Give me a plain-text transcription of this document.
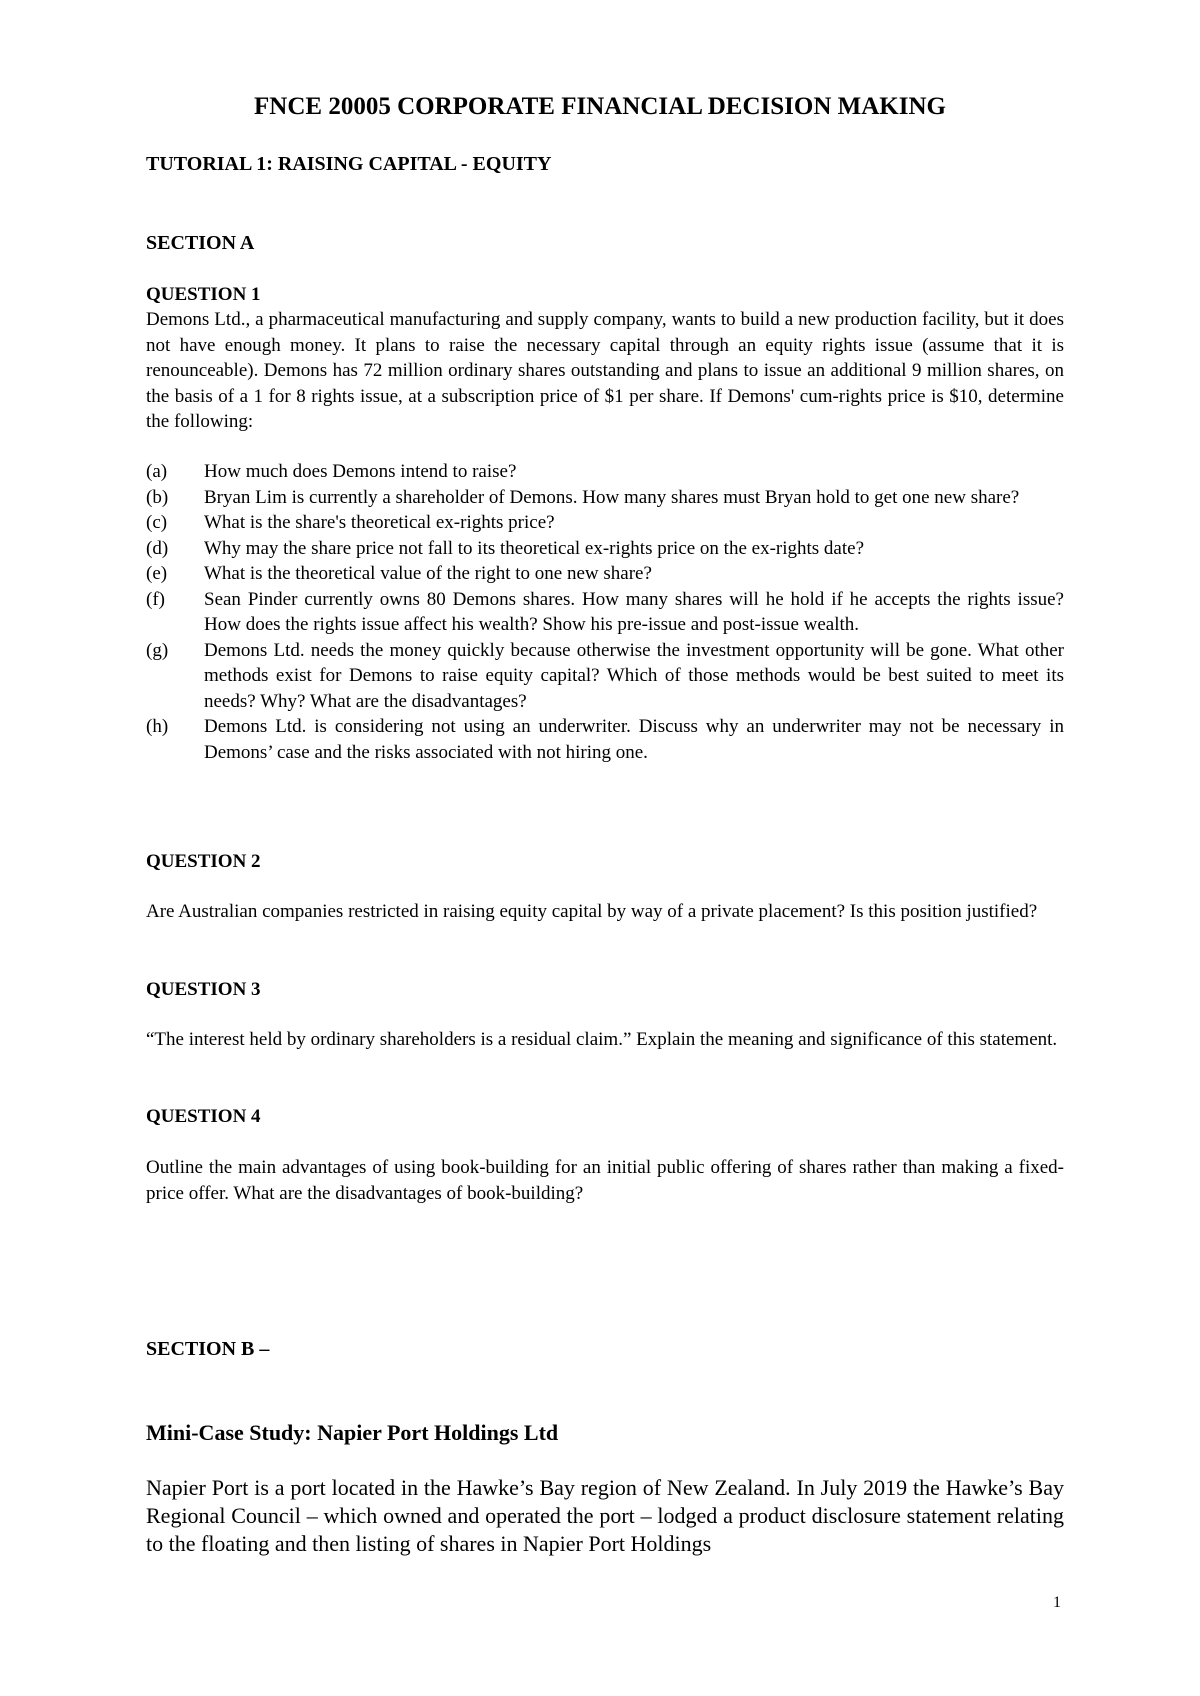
FNCE 20005 CORPORATE FINANCIAL DECISION MAKING
TUTORIAL 1: RAISING CAPITAL - EQUITY
SECTION A
QUESTION 1

Demons Ltd., a pharmaceutical manufacturing and supply company, wants to build a new production facility, but it does not have enough money. It plans to raise the necessary capital through an equity rights issue (assume that it is renounceable). Demons has 72 million ordinary shares outstanding and plans to issue an additional 9 million shares, on the basis of a 1 for 8 rights issue, at a subscription price of $1 per share. If Demons' cum-rights price is $10, determine the following:

(a) How much does Demons intend to raise?
(b) Bryan Lim is currently a shareholder of Demons. How many shares must Bryan hold to get one new share?
(c) What is the share's theoretical ex-rights price?
(d) Why may the share price not fall to its theoretical ex-rights price on the ex-rights date?
(e) What is the theoretical value of the right to one new share?
(f) Sean Pinder currently owns 80 Demons shares. How many shares will he hold if he accepts the rights issue? How does the rights issue affect his wealth? Show his pre-issue and post-issue wealth.
(g) Demons Ltd. needs the money quickly because otherwise the investment opportunity will be gone. What other methods exist for Demons to raise equity capital? Which of those methods would be best suited to meet its needs? Why? What are the disadvantages?
(h) Demons Ltd. is considering not using an underwriter. Discuss why an underwriter may not be necessary in Demons’ case and the risks associated with not hiring one.
QUESTION 2

Are Australian companies restricted in raising equity capital by way of a private placement? Is this position justified?

QUESTION 3

“The interest held by ordinary shareholders is a residual claim.” Explain the meaning and significance of this statement.

QUESTION 4

Outline the main advantages of using book-building for an initial public offering of shares rather than making a fixed-price offer. What are the disadvantages of book-building?

SECTION B –
Mini-Case Study: Napier Port Holdings Ltd

Napier Port is a port located in the Hawke’s Bay region of New Zealand. In July 2019 the Hawke’s Bay Regional Council – which owned and operated the port – lodged a product disclosure statement relating to the floating and then listing of shares in Napier Port Holdings

1
